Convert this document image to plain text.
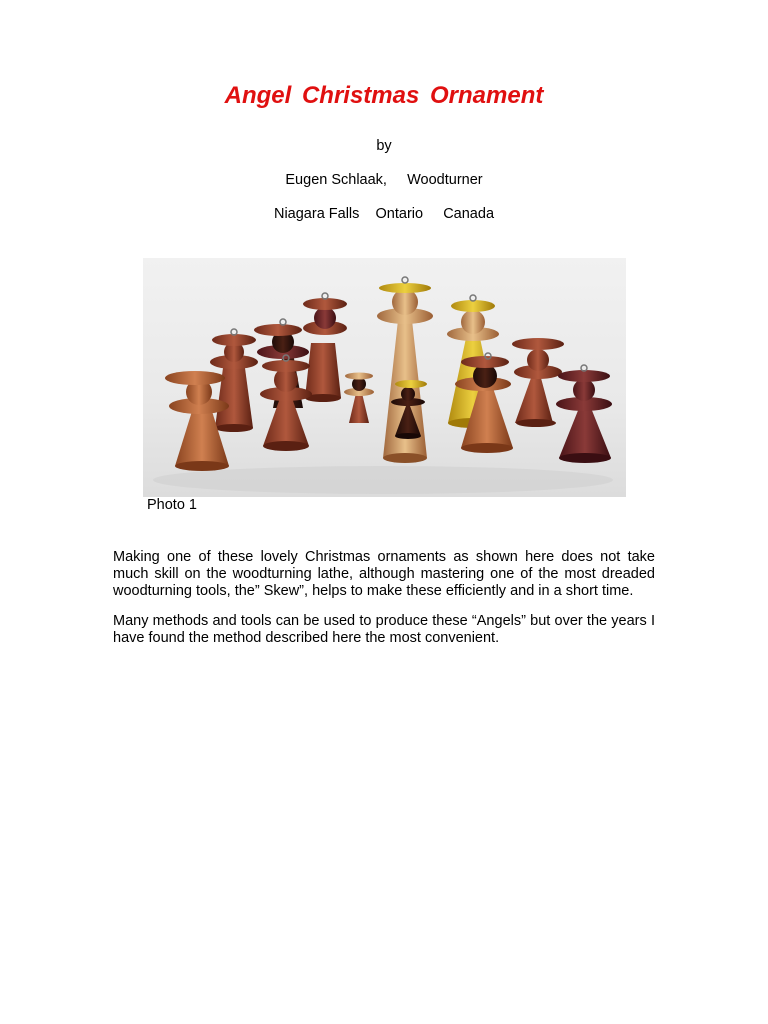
Angel Christmas Ornament
by
Eugen Schlaak,     Woodturner
Niagara Falls    Ontario     Canada
Photo 1

Making one of these lovely Christmas ornaments as shown here does not take much skill on the woodturning lathe, although mastering one of the most dreaded woodturning tools, the” Skew”, helps to make these efficiently and in a short time.

Many methods and tools can be used to produce these “Angels” but over the years I have found the method described here the most convenient.
